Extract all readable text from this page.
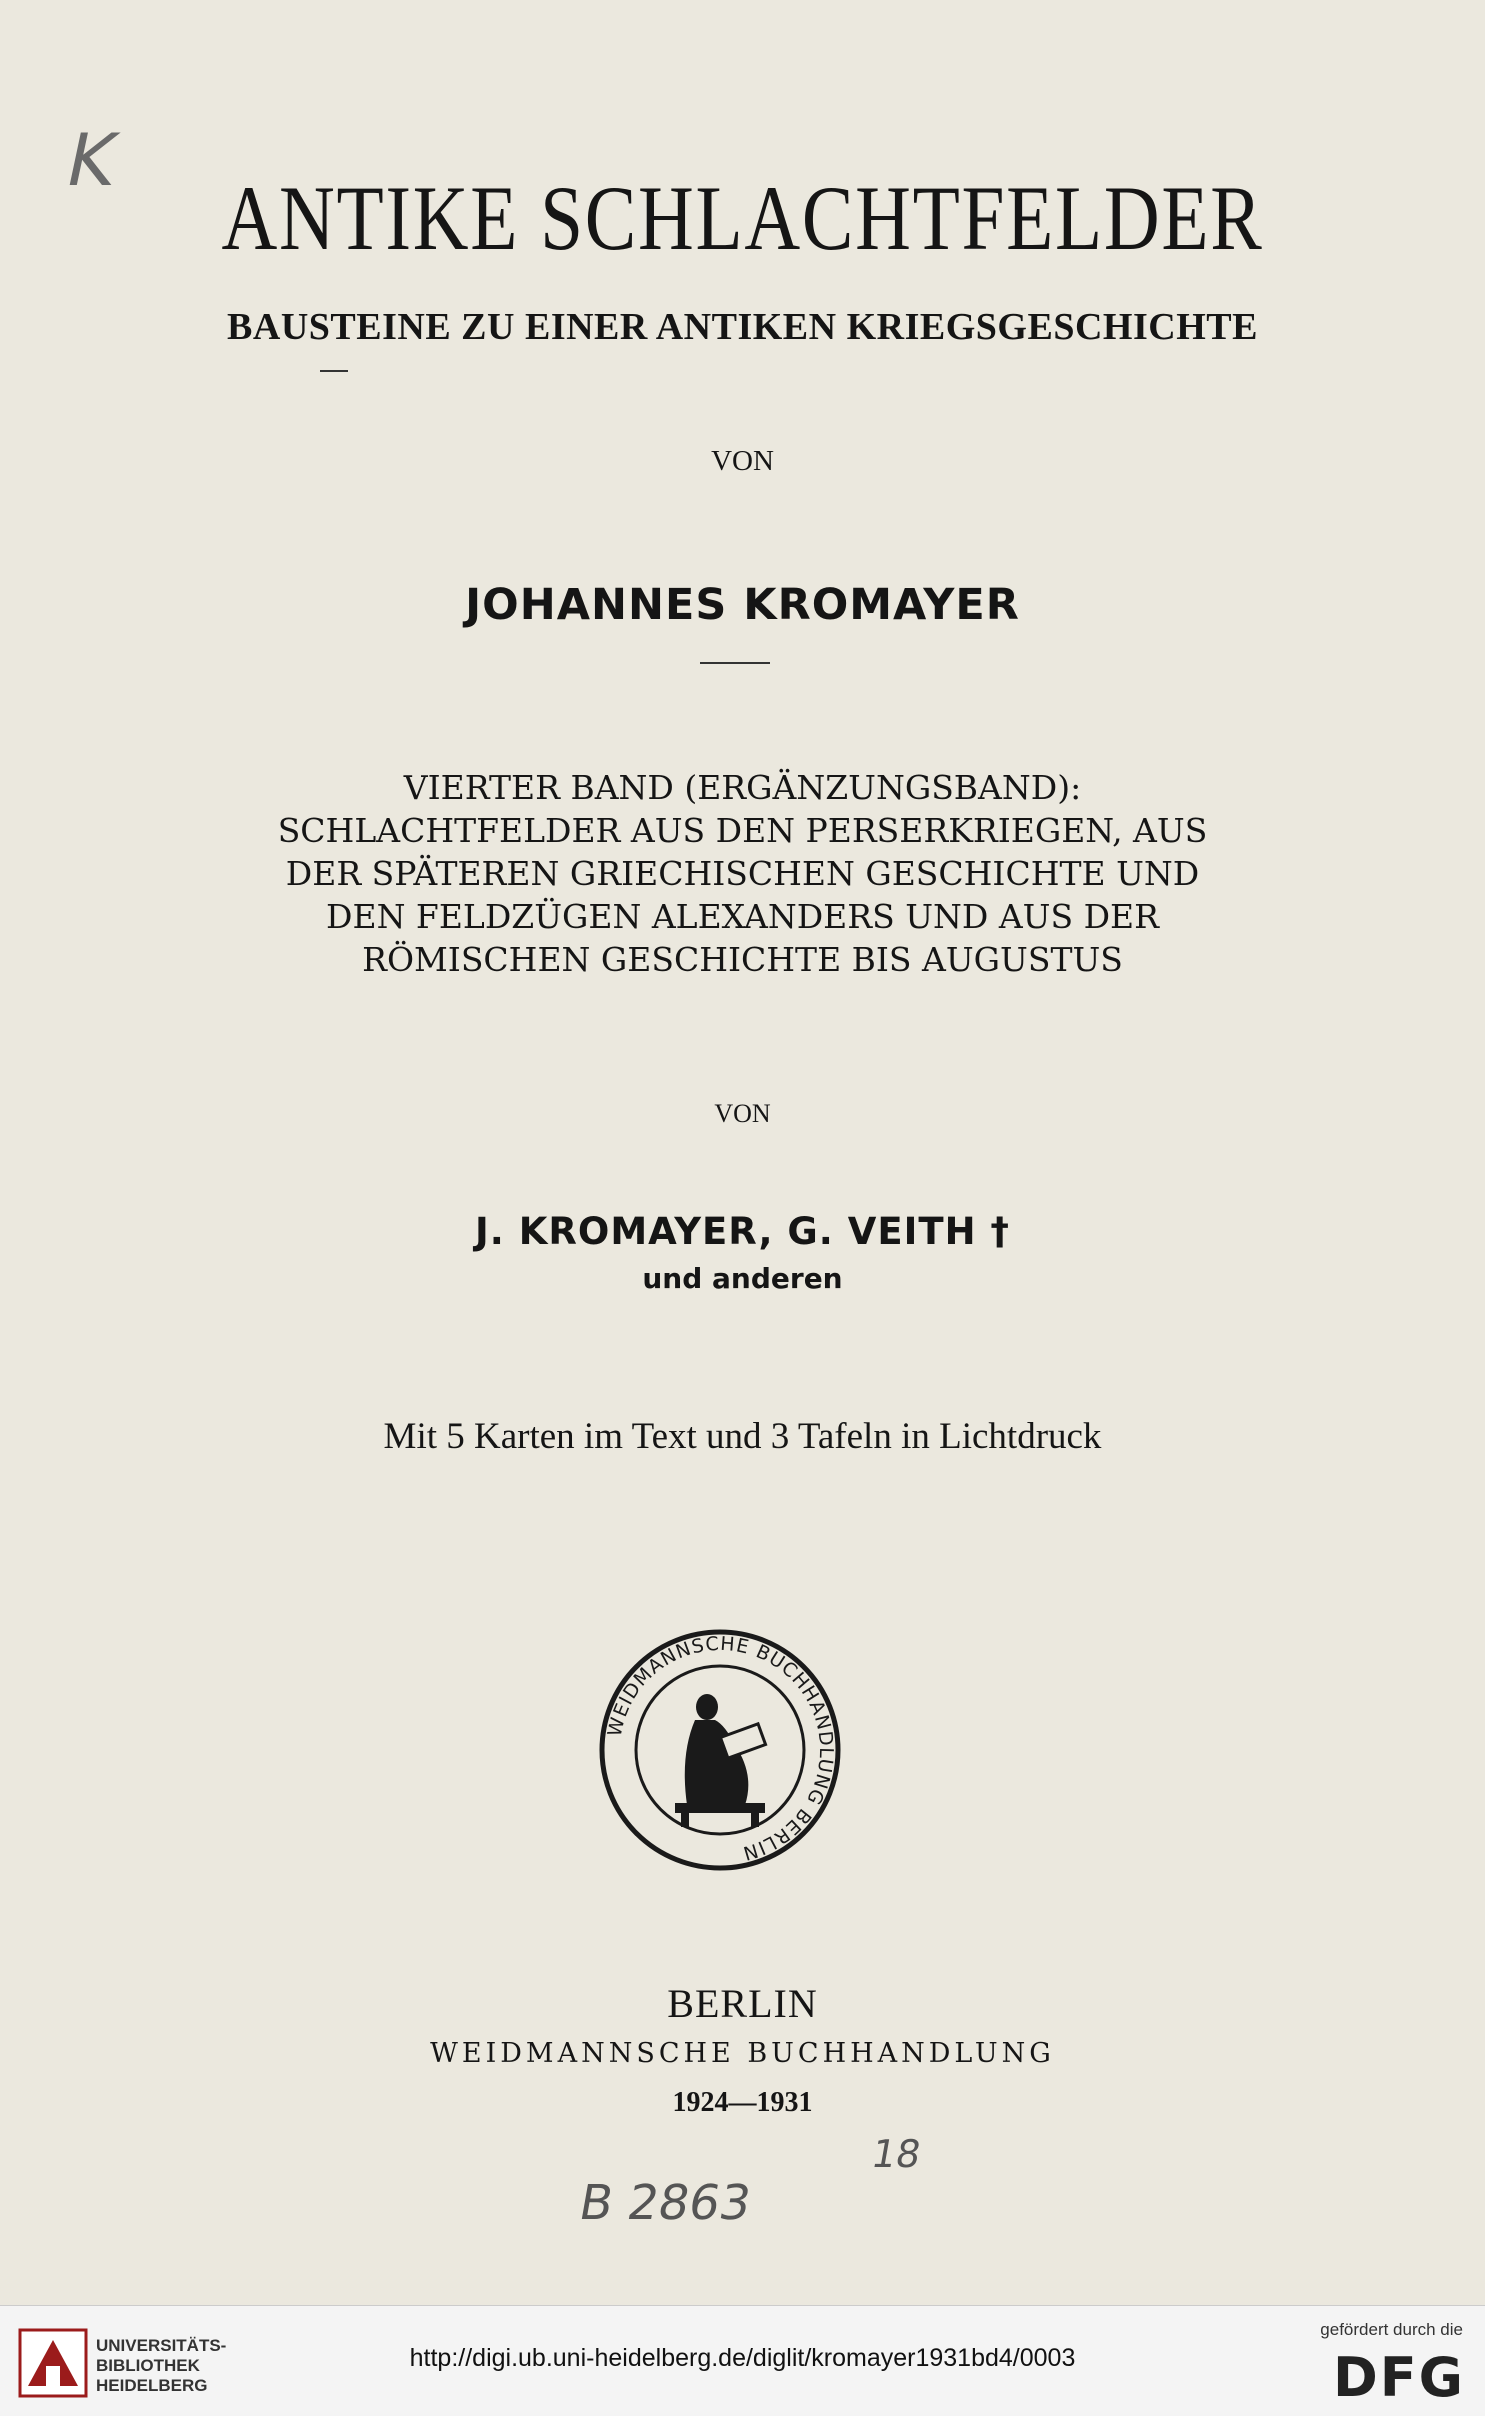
K
ANTIKE SCHLACHTFELDER
BAUSTEINE ZU EINER ANTIKEN KRIEGSGESCHICHTE
VON
JOHANNES KROMAYER
VIERTER BAND (ERGÄNZUNGSBAND):
SCHLACHTFELDER AUS DEN PERSERKRIEGEN, AUS
DER SPÄTEREN GRIECHISCHEN GESCHICHTE UND
DEN FELDZÜGEN ALEXANDERS UND AUS DER
RÖMISCHEN GESCHICHTE BIS AUGUSTUS
VON
J. KROMAYER, G. VEITH †
und anderen
Mit 5 Karten im Text und 3 Tafeln in Lichtdruck
WEIDMANNSCHE BUCHHANDLUNG BERLIN
BERLIN
WEIDMANNSCHE BUCHHANDLUNG
1924—1931
B 2863
18
UNIVERSITÄTS-
BIBLIOTHEK
HEIDELBERG
http://digi.ub.uni-heidelberg.de/diglit/kromayer1931bd4/0003
gefördert durch die
DFG
